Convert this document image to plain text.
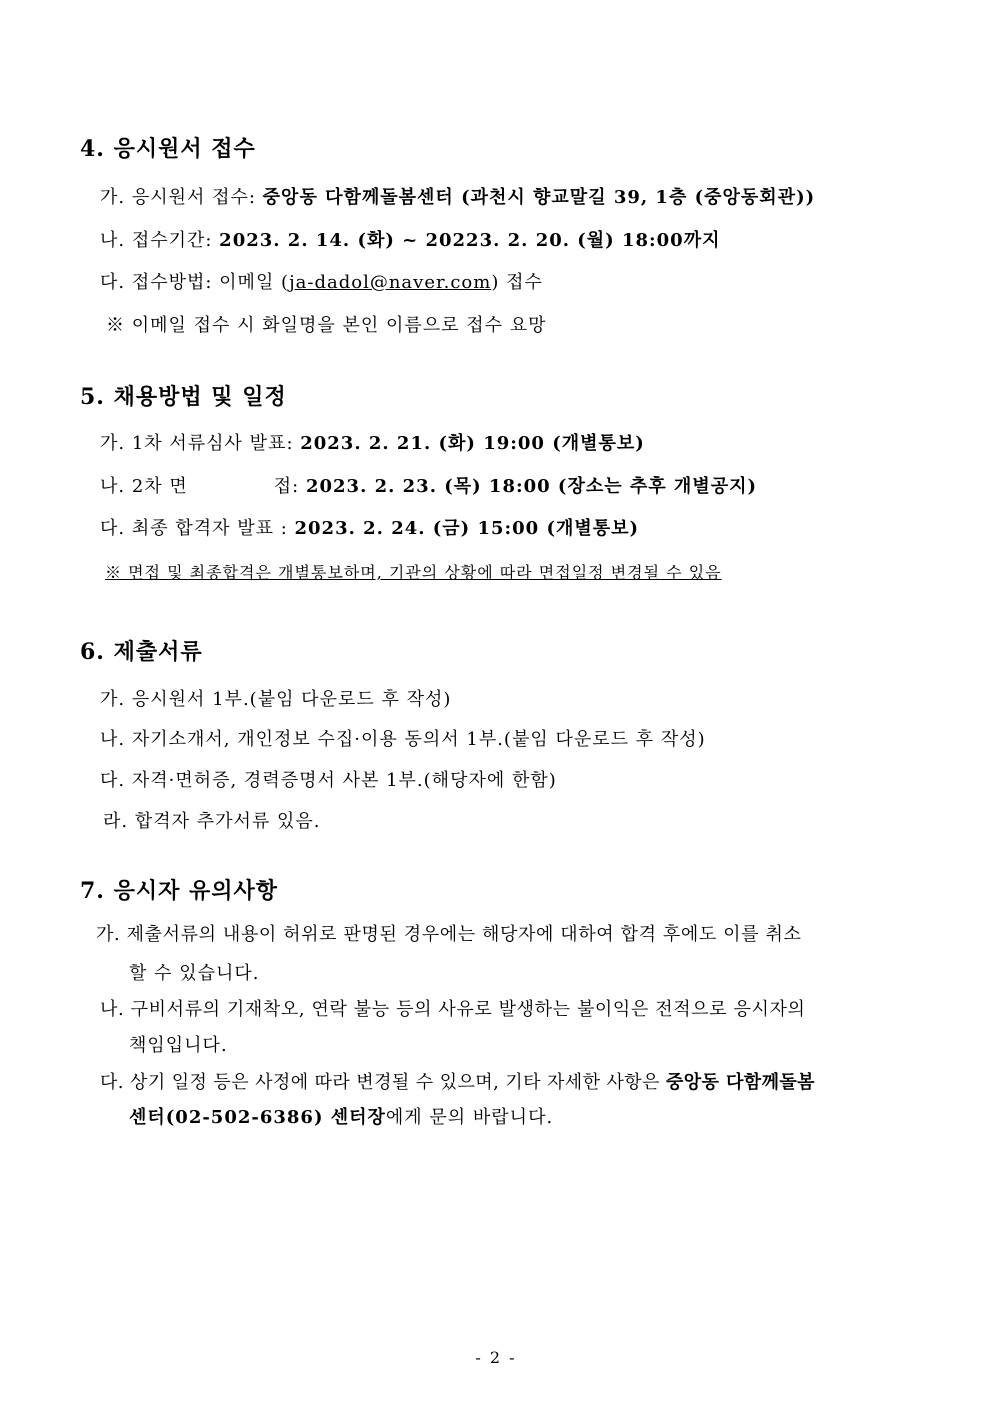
4. 응시원서 접수
가. 응시원서 접수: 중앙동 다함께돌봄센터 (과천시 향교말길 39, 1층 (중앙동회관))
나. 접수기간: 2023. 2. 14. (화) ~ 20223. 2. 20. (월) 18:00까지
다. 접수방법: 이메일 (ja-dadol@naver.com) 접수
※ 이메일 접수 시 화일명을 본인 이름으로 접수 요망
5. 채용방법 및 일정
가. 1차 서류심사 발표: 2023. 2. 21. (화) 19:00 (개별통보)
나. 2차 면	접: 2023. 2. 23. (목) 18:00 (장소는 추후 개별공지)
다. 최종 합격자 발표 : 2023. 2. 24. (금) 15:00 (개별통보)
※ 면접 및 최종합격은 개별통보하며, 기관의 상황에 따라 면접일정 변경될 수 있음
6. 제출서류
가. 응시원서 1부.(붙임 다운로드 후 작성)
나. 자기소개서, 개인정보 수집·이용 동의서 1부.(붙임 다운로드 후 작성)
다. 자격·면허증, 경력증명서 사본 1부.(해당자에 한함)
라. 합격자 추가서류 있음.
7. 응시자 유의사항
가. 제출서류의 내용이 허위로 판명된 경우에는 해당자에 대하여 합격 후에도 이를 취소
할 수 있습니다.
나. 구비서류의 기재착오, 연락 불능 등의 사유로 발생하는 불이익은 전적으로 응시자의
책임입니다.
다. 상기 일정 등은 사정에 따라 변경될 수 있으며, 기타 자세한 사항은 중앙동 다함께돌봄
센터(02-502-6386) 센터장에게 문의 바랍니다.
- 2 -
